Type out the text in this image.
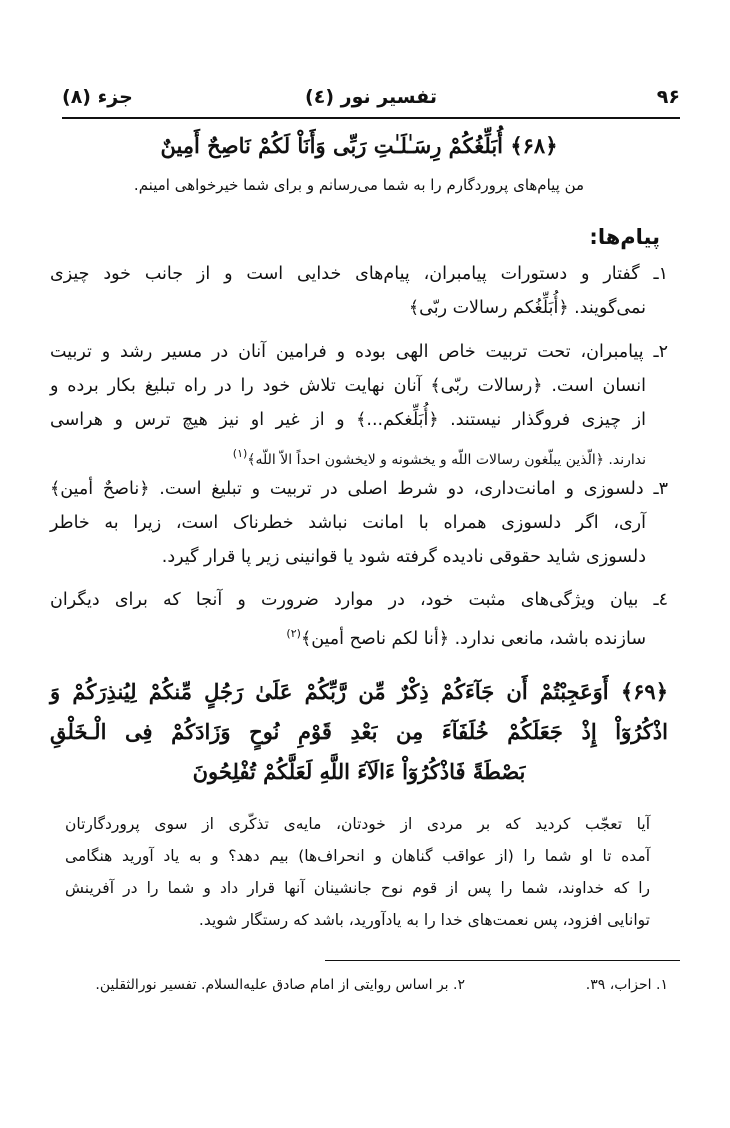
۹۶
تفسیر نور (٤)
جزء (۸)
﴿۶۸﴾ أُبَلِّغُكُمْ رِسَـٰلَـٰتِ رَبِّى وَأَنَاْ لَكُمْ نَاصِحٌ أَمِينٌ
من پیام‌های پروردگارم را به شما می‌رسانم و برای شما خیرخواهی امینم.
پیام‌ها:
۱ـ گفتار و دستورات پیامبران، پیام‌های خدایی است و از جانب خود چیزی
نمی‌گویند. ﴿أُبَلِّغُكم رسالات ربّى﴾
۲ـ پیامبران، تحت تربیت خاص الهی بوده و فرامین آنان در مسیر رشد و تربیت
انسان است. ﴿رسالات ربّى﴾ آنان نهایت تلاش خود را در راه تبلیغ بکار برده و
از چیزی فروگذار نیستند. ﴿أُبَلِّغكم...﴾ و از غیر او نیز هیچ ترس و هراسی
ندارند. ﴿الّذين يبلّغون رسالات اللّه و يخشونه و لايخشون احداً الاّ اللّه﴾$^{(۱)}$
۳ـ دلسوزی و امانت‌داری، دو شرط اصلی در تربیت و تبلیغ است. ﴿ناصحٌ أمين﴾
آری، اگر دلسوزی همراه با امانت نباشد خطرناک است، زیرا به خاطر
دلسوزی شاید حقوقی نادیده گرفته شود یا قوانینی زیر پا قرار گیرد.
٤ـ بیان ویژگی‌های مثبت خود، در موارد ضرورت و آنجا که برای دیگران
سازنده باشد، مانعی ندارد. ﴿أنا لكم ناصح أمين﴾$^{(۲)}$
﴿۶۹﴾ أَوَعَجِبْتُمْ أَن جَآءَكُمْ ذِكْرٌ مِّن رَّبِّكُمْ عَلَىٰ رَجُلٍ مِّنكُمْ لِيُنذِرَكُمْ وَ
اذْكُرُوٓاْ إِذْ جَعَلَكُمْ خُلَفَآءَ مِن بَعْدِ قَوْمِ نُوحٍ وَزَادَكُمْ فِى الْـخَلْقِ
بَصْطَةً فَاذْكُرُوٓاْ ءَالَآءَ اللَّهِ لَعَلَّكُمْ تُفْلِحُونَ
آیا تعجّب کردید که بر مردی از خودتان، مایه‌ی تذکّری از سوی پروردگارتان
آمده تا او شما را (از عواقب گناهان و انحراف‌ها) بیم دهد؟ و به یاد آورید هنگامی
را که خداوند، شما را پس از قوم نوح جانشینان آنها قرار داد و شما را در آفرینش
توانایی افزود، پس نعمت‌های خدا را به یادآورید، باشد که رستگار شوید.
۱. احزاب، ۳۹.
۲. بر اساس روایتی از امام صادق عليه‌السلام. تفسیر نورالثقلین.
